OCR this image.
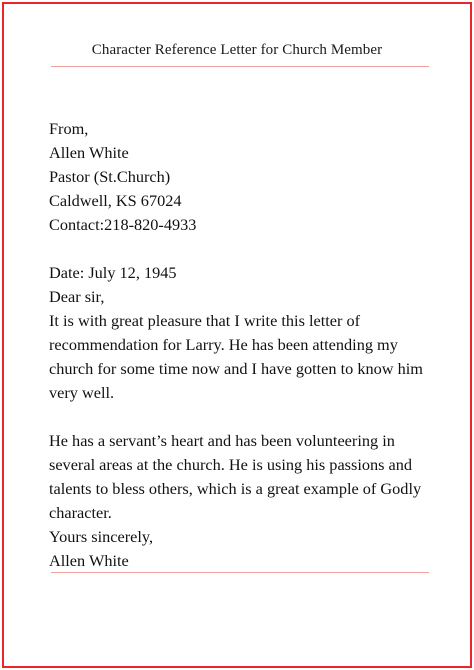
Character Reference Letter for Church Member
From,
Allen White
Pastor (St.Church)
Caldwell, KS 67024
Contact:218-820-4933
Date: July 12, 1945
Dear sir,
It is with great pleasure that I write this letter of
recommendation for Larry. He has been attending my
church for some time now and I have gotten to know him
very well.
He has a servant’s heart and has been volunteering in
several areas at the church. He is using his passions and
talents to bless others, which is a great example of Godly
character.
Yours sincerely,
Allen White
